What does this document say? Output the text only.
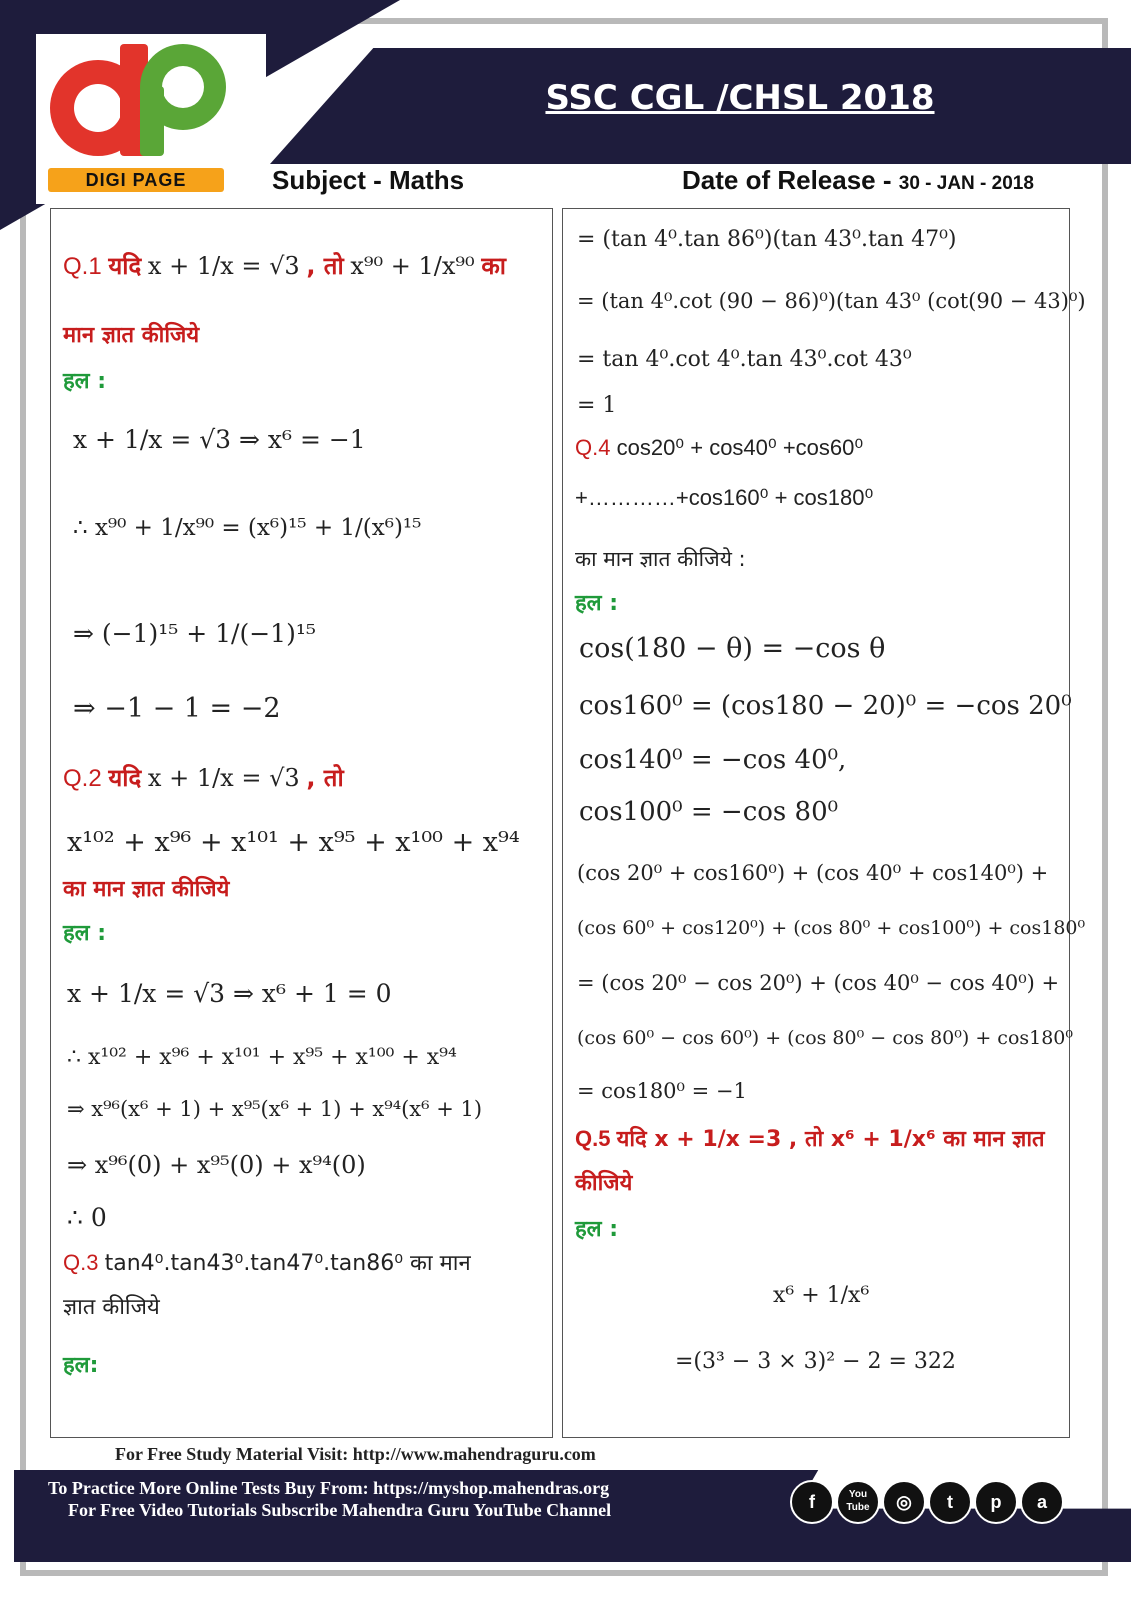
SSC CGL /CHSL 2018
DIGI PAGE	Subject - Maths	Date of Release - 30 - JAN - 2018
Q.1 यदि x + 1/x = √3 , तो x⁹⁰ + 1/x⁹⁰ का
मान ज्ञात कीजिये
हल :
x + 1/x = √3 ⇒ x⁶ = −1
∴ x⁹⁰ + 1/x⁹⁰ = (x⁶)¹⁵ + 1/(x⁶)¹⁵
⇒ (−1)¹⁵ + 1/(−1)¹⁵
⇒ −1 − 1 = −2
Q.2 यदि x + 1/x = √3 , तो
x¹⁰² + x⁹⁶ + x¹⁰¹ + x⁹⁵ + x¹⁰⁰ + x⁹⁴
का मान ज्ञात कीजिये
हल :
x + 1/x = √3 ⇒ x⁶ + 1 = 0
∴ x¹⁰² + x⁹⁶ + x¹⁰¹ + x⁹⁵ + x¹⁰⁰ + x⁹⁴
⇒ x⁹⁶(x⁶ + 1) + x⁹⁵(x⁶ + 1) + x⁹⁴(x⁶ + 1)
⇒ x⁹⁶(0) + x⁹⁵(0) + x⁹⁴(0)
∴ 0
Q.3 tan4⁰.tan43⁰.tan47⁰.tan86⁰ का मान
ज्ञात कीजिये
हल:
= (tan 4⁰.tan 86⁰)(tan 43⁰.tan 47⁰)
= (tan 4⁰.cot (90 − 86)⁰)(tan 43⁰ (cot(90 − 43)⁰)
= tan 4⁰.cot 4⁰.tan 43⁰.cot 43⁰
= 1
Q.4 cos20⁰ + cos40⁰ +cos60⁰
+…………+cos160⁰ + cos180⁰
का मान ज्ञात कीजिये :
हल :
cos(180 − θ) = −cos θ
cos160⁰ = (cos180 − 20)⁰ = −cos 20⁰
cos140⁰ = −cos 40⁰,
cos100⁰ = −cos 80⁰
(cos 20⁰ + cos160⁰) + (cos 40⁰ + cos140⁰) +
(cos 60⁰ + cos120⁰) + (cos 80⁰ + cos100⁰) + cos180⁰
= (cos 20⁰ − cos 20⁰) + (cos 40⁰ − cos 40⁰) +
(cos 60⁰ − cos 60⁰) + (cos 80⁰ − cos 80⁰) + cos180⁰
= cos180⁰ = −1
Q.5 यदि x + 1/x =3 , तो x⁶ + 1/x⁶ का मान ज्ञात
कीजिये
हल :
x⁶ + 1/x⁶
=(3³ − 3 × 3)² − 2 = 322
For Free Study Material Visit: http://www.mahendraguru.com
To Practice More Online Tests Buy From: https://myshop.mahendras.org
For Free Video Tutorials Subscribe Mahendra Guru YouTube Channel	f	You Tube	◎	t	p	a
